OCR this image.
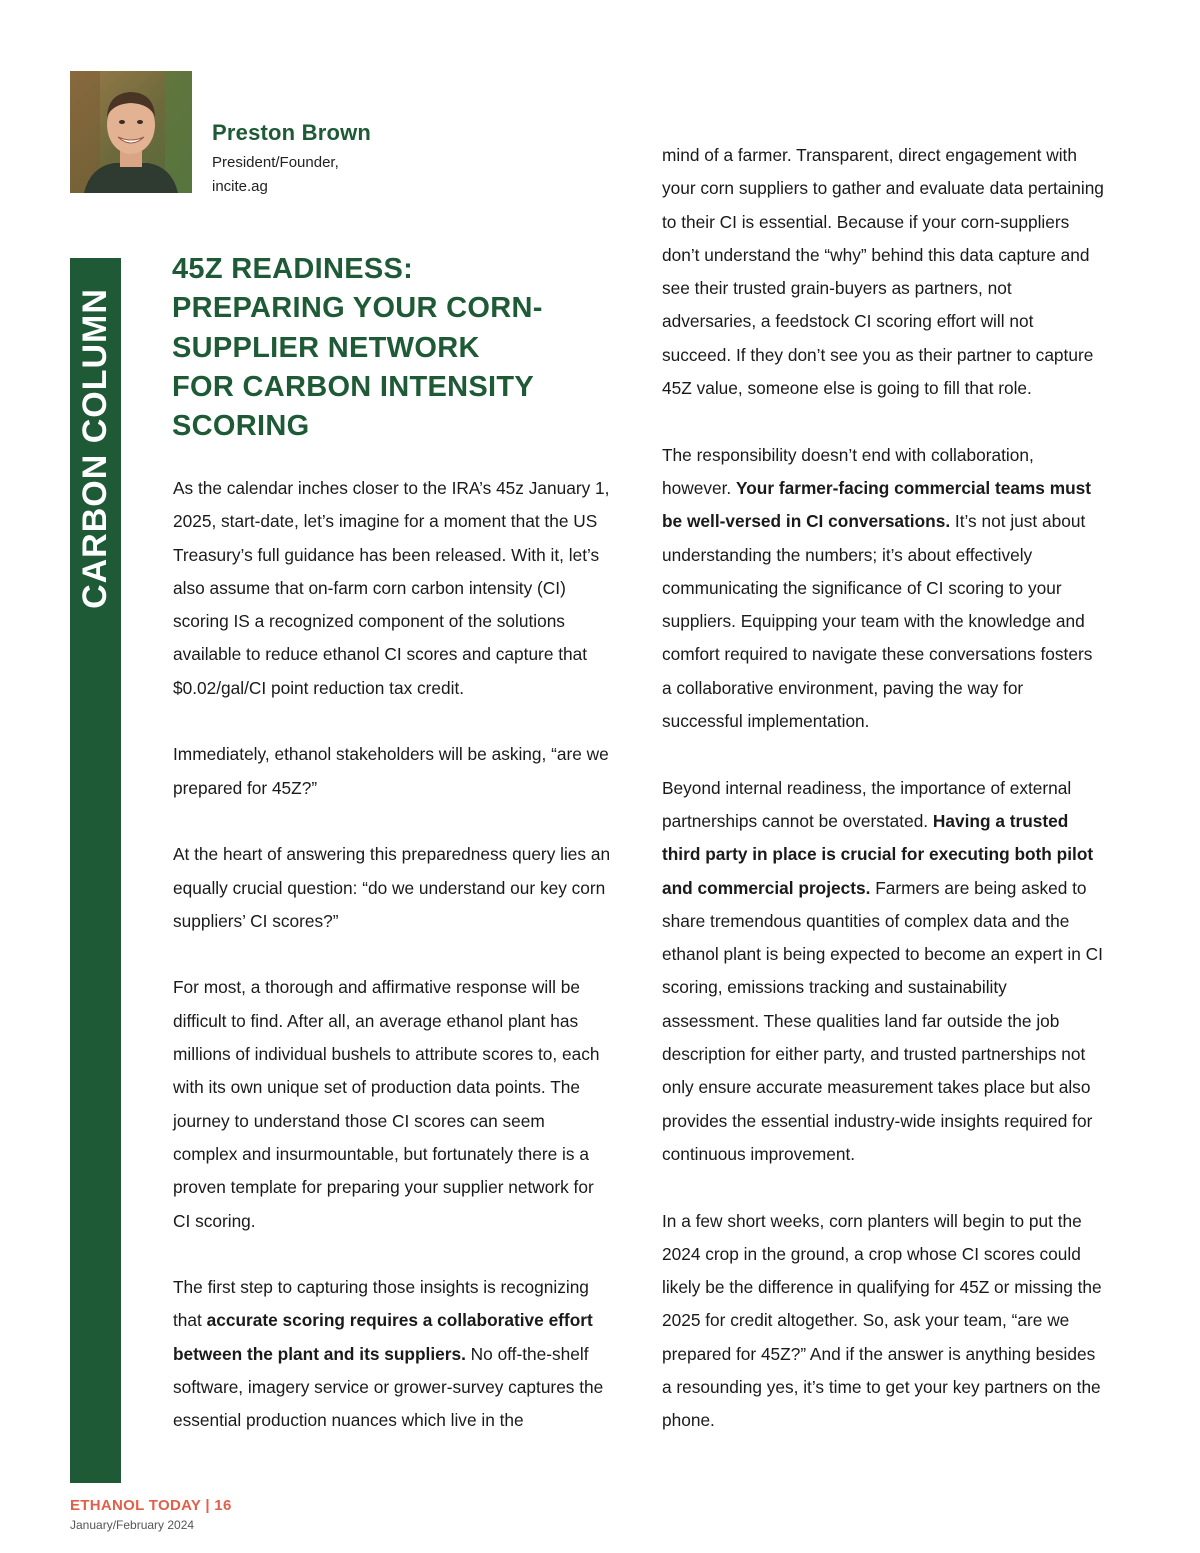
Preston Brown
President/Founder,
incite.ag
CARBON COLUMN
45Z READINESS:
PREPARING YOUR CORN-
SUPPLIER NETWORK
FOR CARBON INTENSITY
SCORING

As the calendar inches closer to the IRA’s 45z January 1, 2025, start-date, let’s imagine for a moment that the US Treasury’s full guidance has been released. With it, let’s also assume that on-farm corn carbon intensity (CI) scoring IS a recognized component of the solutions available to reduce ethanol CI scores and capture that $0.02/gal/CI point reduction tax credit.

Immediately, ethanol stakeholders will be asking, “are we prepared for 45Z?”

At the heart of answering this preparedness query lies an equally crucial question: “do we understand our key corn suppliers’ CI scores?”

For most, a thorough and affirmative response will be difficult to find. After all, an average ethanol plant has millions of individual bushels to attribute scores to, each with its own unique set of production data points. The journey to understand those CI scores can seem complex and insurmountable, but fortunately there is a proven template for preparing your supplier network for CI scoring.

The first step to capturing those insights is recognizing that accurate scoring requires a collaborative effort between the plant and its suppliers. No off-the-shelf software, imagery service or grower-survey captures the essential production nuances which live in the

mind of a farmer. Transparent, direct engagement with your corn suppliers to gather and evaluate data pertaining to their CI is essential. Because if your corn-suppliers don’t understand the “why” behind this data capture and see their trusted grain-buyers as partners, not adversaries, a feedstock CI scoring effort will not succeed. If they don’t see you as their partner to capture 45Z value, someone else is going to fill that role.

The responsibility doesn’t end with collaboration, however. Your farmer-facing commercial teams must be well-versed in CI conversations. It’s not just about understanding the numbers; it’s about effectively communicating the significance of CI scoring to your suppliers. Equipping your team with the knowledge and comfort required to navigate these conversations fosters a collaborative environment, paving the way for successful implementation.

Beyond internal readiness, the importance of external partnerships cannot be overstated. Having a trusted third party in place is crucial for executing both pilot and commercial projects. Farmers are being asked to share tremendous quantities of complex data and the ethanol plant is being expected to become an expert in CI scoring, emissions tracking and sustainability assessment. These qualities land far outside the job description for either party, and trusted partnerships not only ensure accurate measurement takes place but also provides the essential industry-wide insights required for continuous improvement.

In a few short weeks, corn planters will begin to put the 2024 crop in the ground, a crop whose CI scores could likely be the difference in qualifying for 45Z or missing the 2025 for credit altogether. So, ask your team, “are we prepared for 45Z?” And if the answer is anything besides a resounding yes, it’s time to get your key partners on the phone.

ETHANOL TODAY | 16
January/February 2024
